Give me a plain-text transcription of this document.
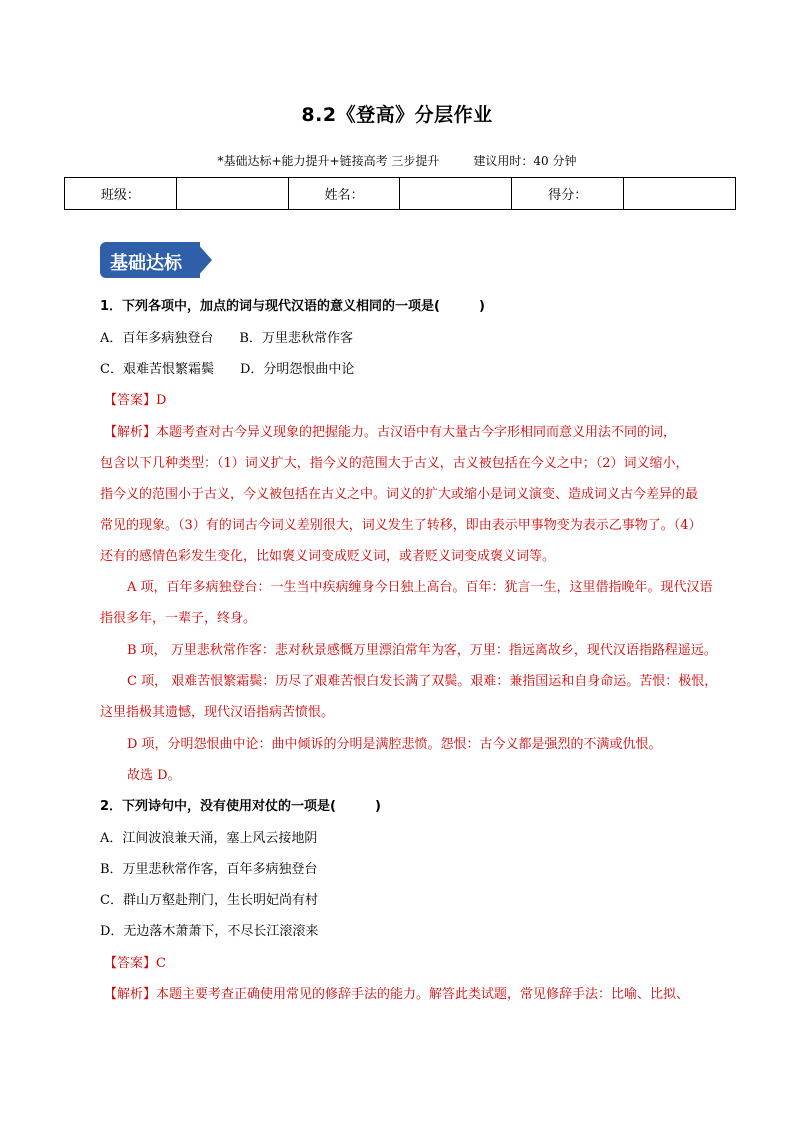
8.2《登高》分层作业
*基础达标+能力提升+链接高考 三步提升	建议用时：40 分钟
班级：		姓名：		得分：	
基础达标
1．下列各项中，加点的词与现代汉语的意义相同的一项是(　　　)
A．百年多病独登台　　B．万里悲秋常作客
C．艰难苦恨繁霜鬓　　D．分明怨恨曲中论
【答案】D
【解析】本题考查对古今异义现象的把握能力。古汉语中有大量古今字形相同而意义用法不同的词，
包含以下几种类型：（1）词义扩大，指今义的范围大于古义，古义被包括在今义之中；（2）词义缩小，
指今义的范围小于古义，今义被包括在古义之中。词义的扩大或缩小是词义演变、造成词义古今差异的最
常见的现象。（3）有的词古今词义差别很大，词义发生了转移，即由表示甲事物变为表示乙事物了。（4）
还有的感情色彩发生变化，比如褒义词变成贬义词，或者贬义词变成褒义词等。
A 项，百年多病独登台：一生当中疾病缠身今日独上高台。百年：犹言一生，这里借指晚年。现代汉语
指很多年，一辈子，终身。
B 项， 万里悲秋常作客：悲对秋景感慨万里漂泊常年为客，万里：指远离故乡，现代汉语指路程遥远。
C 项， 艰难苦恨繁霜鬓：历尽了艰难苦恨白发长满了双鬓。艰难：兼指国运和自身命运。苦恨：极恨，
这里指极其遗憾，现代汉语指病苦愤恨。
D 项，分明怨恨曲中论：曲中倾诉的分明是满腔悲愤。怨恨：古今义都是强烈的不满或仇恨。
故选 D。
2．下列诗句中，没有使用对仗的一项是(　　　)
A．江间波浪兼天涌，塞上风云接地阴
B．万里悲秋常作客，百年多病独登台
C．群山万壑赴荆门，生长明妃尚有村
D．无边落木萧萧下，不尽长江滚滚来
【答案】C
【解析】本题主要考查正确使用常见的修辞手法的能力。解答此类试题，常见修辞手法：比喻、比拟、
